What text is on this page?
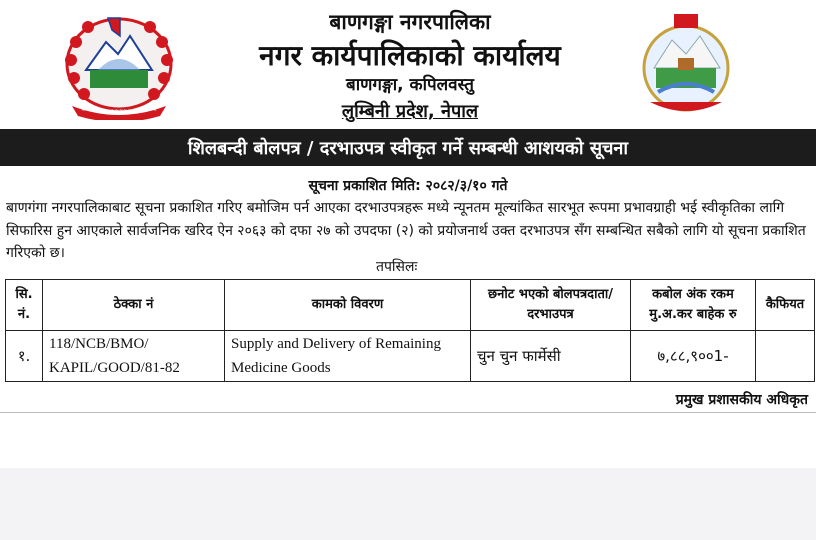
~~~~~~~~~~~~~~~~~~
बाणगङ्गा नगरपालिका
नगर कार्यपालिकाको कार्यालय
बाणगङ्गा, कपिलवस्तु
लुम्बिनी प्रदेश, नेपाल
शिलबन्दी बोलपत्र / दरभाउपत्र स्वीकृत गर्ने सम्बन्धी आशयको सूचना
सूचना प्रकाशित मिति: २०८२/३/१० गते
बाणगंगा नगरपालिकाबाट सूचना प्रकाशित गरिए बमोजिम पर्न आएका दरभाउपत्रहरू मध्ये न्यूनतम मूल्यांकित सारभूत रूपमा प्रभावग्राही भई स्वीकृतिका लागि सिफारिस हुन आएकाले सार्वजनिक खरिद ऐन २०६३ को दफा २७ को उपदफा (२) को प्रयोजनार्थ उक्त दरभाउपत्र सँग सम्बन्धित सबैको लागि यो सूचना प्रकाशित गरिएको छ।
तपसिलः
सि. नं.	ठेक्का नं	कामको विवरण	छनोट भएको बोलपत्रदाता/दरभाउपत्र	कबोल अंक रकम मु.अ.कर बाहेक रु	कैफियत
१.	118/NCB/BMO/ KAPIL/GOOD/81-82	Supply and Delivery of Remaining Medicine Goods	चुन चुन फार्मेसी	७,८८,९००1-	
प्रमुख प्रशासकीय अधिकृत
